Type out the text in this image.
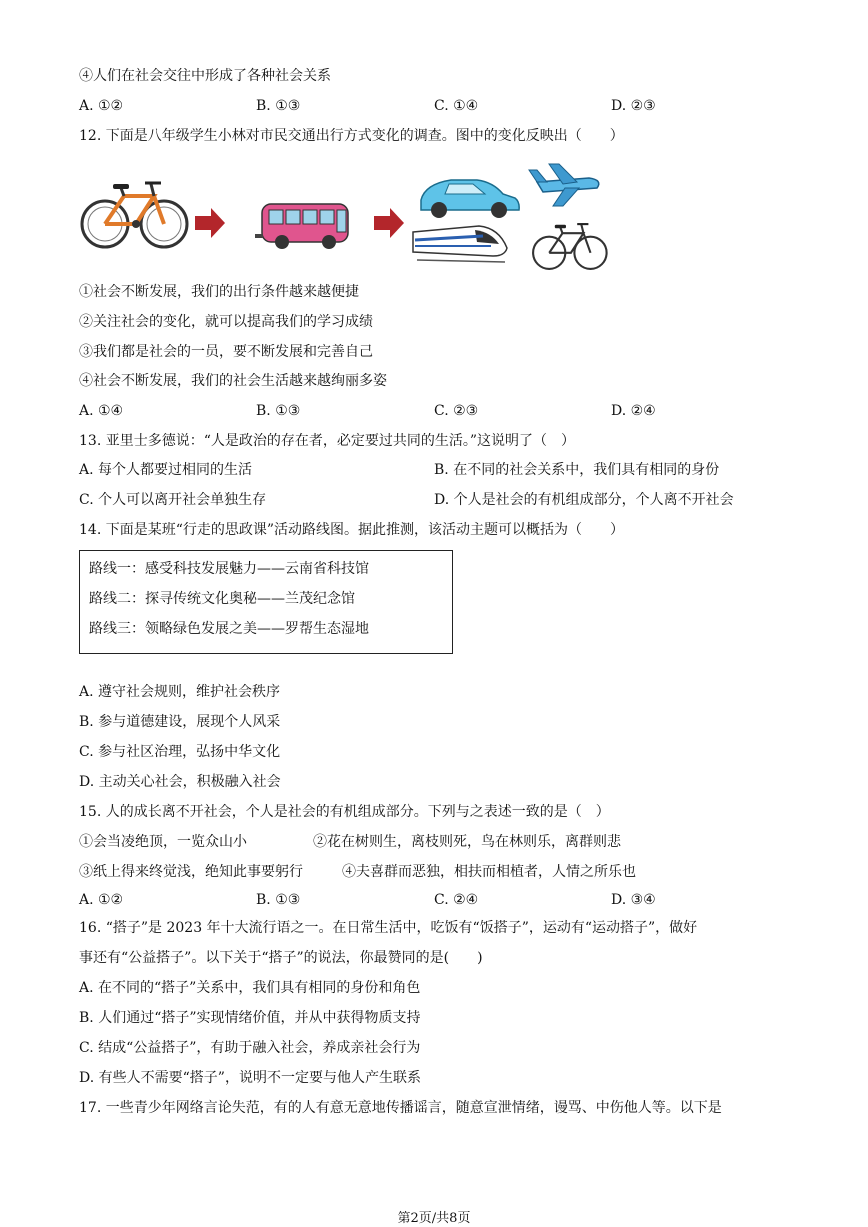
④人们在社会交往中形成了各种社会关系
A. ①②	B. ①③	C. ①④	D. ②③
12. 下面是八年级学生小林对市民交通出行方式变化的调查。图中的变化反映出（　　）
①社会不断发展，我们的出行条件越来越便捷
②关注社会的变化，就可以提高我们的学习成绩
③我们都是社会的一员，要不断发展和完善自己
④社会不断发展，我们的社会生活越来越绚丽多姿
A. ①④	B. ①③	C. ②③	D. ②④
13. 亚里士多德说：“人是政治的存在者，必定要过共同的生活。”这说明了（　）
A. 每个人都要过相同的生活	B. 在不同的社会关系中，我们具有相同的身份
C. 个人可以离开社会单独生存	D. 个人是社会的有机组成部分，个人离不开社会
14. 下面是某班“行走的思政课”活动路线图。据此推测，该活动主题可以概括为（　　）
路线一：感受科技发展魅力——云南省科技馆
路线二：探寻传统文化奥秘——兰茂纪念馆
路线三：领略绿色发展之美——罗帮生态湿地
A. 遵守社会规则，维护社会秩序
B. 参与道德建设，展现个人风采
C. 参与社区治理，弘扬中华文化
D. 主动关心社会，积极融入社会
15. 人的成长离不开社会，个人是社会的有机组成部分。下列与之表述一致的是（　）
①会当凌绝顶，一览众山小	②花在树则生，离枝则死，鸟在林则乐，离群则悲
③纸上得来终觉浅，绝知此事要躬行	④夫喜群而恶独，相扶而相植者，人情之所乐也
A. ①②	B. ①③	C. ②④	D. ③④
16. “搭子”是 2023 年十大流行语之一。在日常生活中，吃饭有“饭搭子”，运动有“运动搭子”，做好
事还有“公益搭子”。以下关于“搭子”的说法，你最赞同的是(　　)
A. 在不同的“搭子”关系中，我们具有相同的身份和角色
B. 人们通过“搭子”实现情绪价值，并从中获得物质支持
C. 结成“公益搭子”，有助于融入社会，养成亲社会行为
D. 有些人不需要“搭子”，说明不一定要与他人产生联系
17. 一些青少年网络言论失范，有的人有意无意地传播谣言，随意宣泄情绪，谩骂、中伤他人等。以下是
第2页/共8页
